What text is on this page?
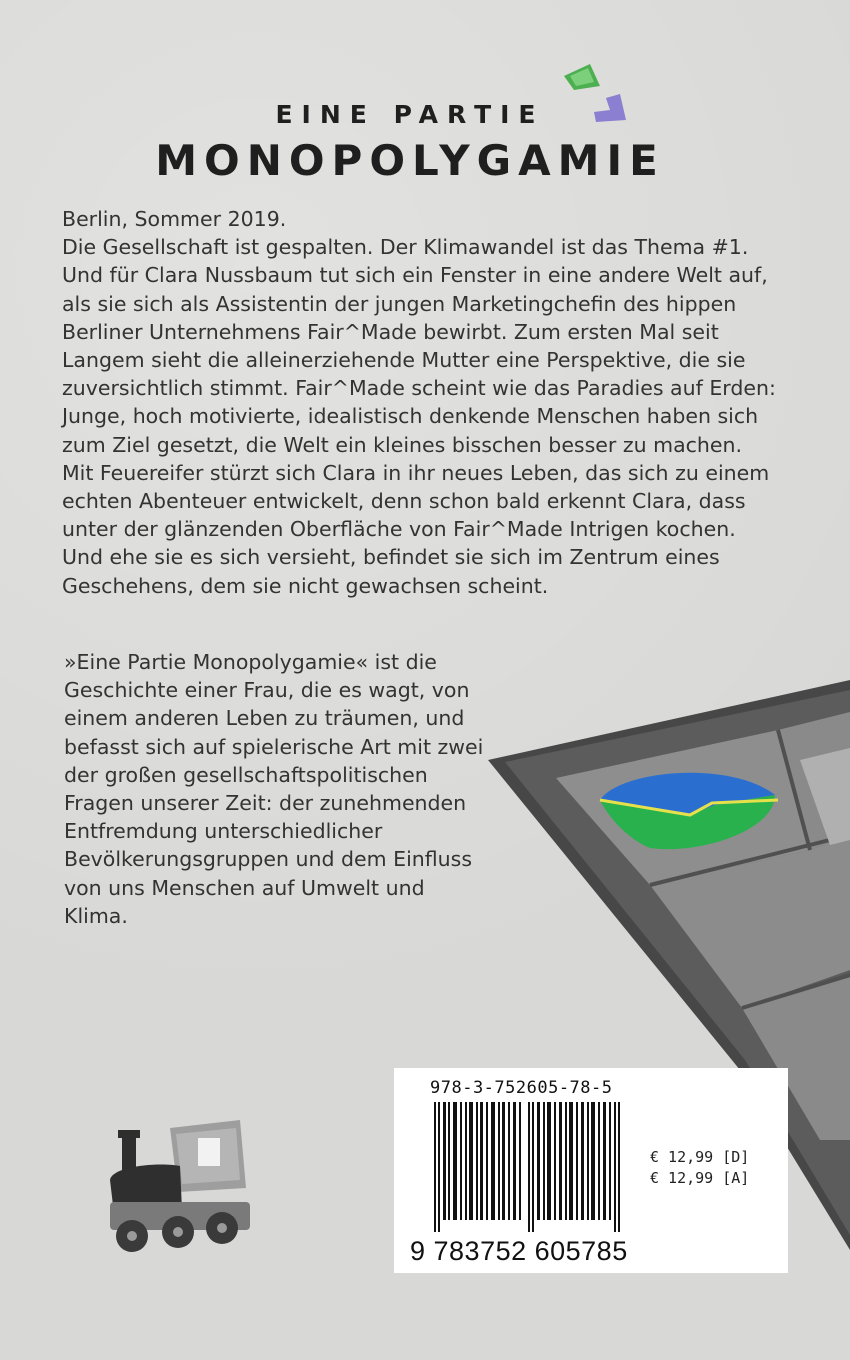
EINE PARTIE
MONOPOLYGAMIE
Berlin, Sommer 2019.
Die Gesellschaft ist gespalten. Der Klimawandel ist das Thema #1.
Und für Clara Nussbaum tut sich ein Fenster in eine andere Welt auf,
als sie sich als Assistentin der jungen Marketingchefin des hippen
Berliner Unternehmens Fair^Made bewirbt. Zum ersten Mal seit
Langem sieht die alleinerziehende Mutter eine Perspektive, die sie
zuversichtlich stimmt. Fair^Made scheint wie das Paradies auf Erden:
Junge, hoch motivierte, idealistisch denkende Menschen haben sich
zum Ziel gesetzt, die Welt ein kleines bisschen besser zu machen.
Mit Feuereifer stürzt sich Clara in ihr neues Leben, das sich zu einem
echten Abenteuer entwickelt, denn schon bald erkennt Clara, dass
unter der glänzenden Oberfläche von Fair^Made Intrigen kochen.
Und ehe sie es sich versieht, befindet sie sich im Zentrum eines
Geschehens, dem sie nicht gewachsen scheint.
»Eine Partie Monopolygamie« ist die
Geschichte einer Frau, die es wagt, von
einem anderen Leben zu träumen, und
befasst sich auf spielerische Art mit zwei
der großen gesellschaftspolitischen
Fragen unserer Zeit: der zunehmenden
Entfremdung unterschiedlicher
Bevölkerungsgruppen und dem Einfluss
von uns Menschen auf Umwelt und
Klima.
978-3-752605-78-5
€ 12,99 [D]
€ 12,99 [A]
9 783752 605785
